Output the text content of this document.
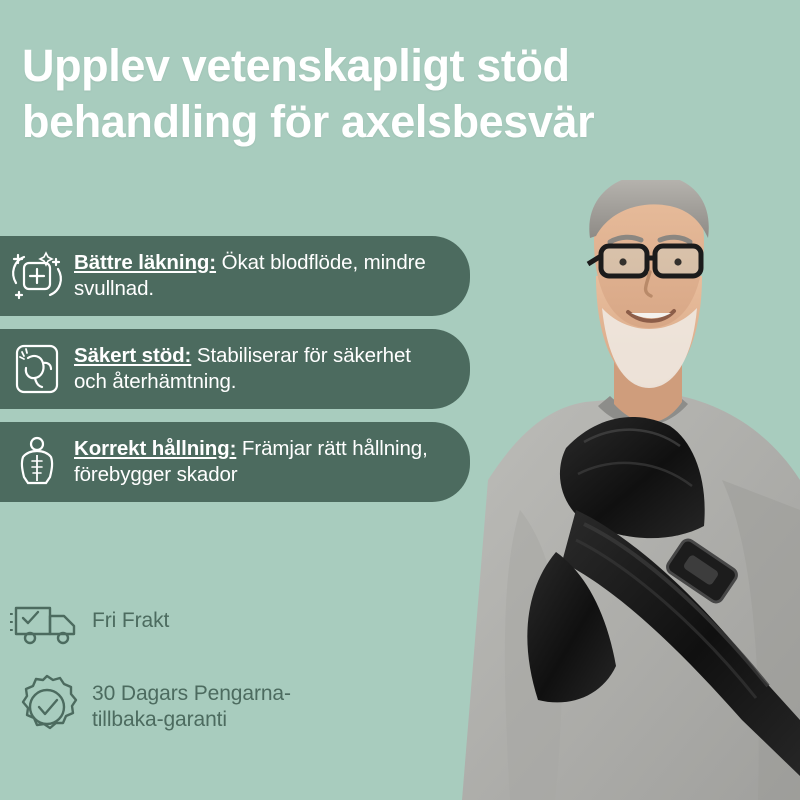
Upplev vetenskapligt stöd behandling för axelsbesvär
Bättre läkning: Ökat blodflöde, mindre svullnad.
Säkert stöd: Stabiliserar för säkerhet och återhämtning.
Korrekt hållning: Främjar rätt hållning, förebygger skador
Fri Frakt
30 Dagars Pengarna-tillbaka-garanti
